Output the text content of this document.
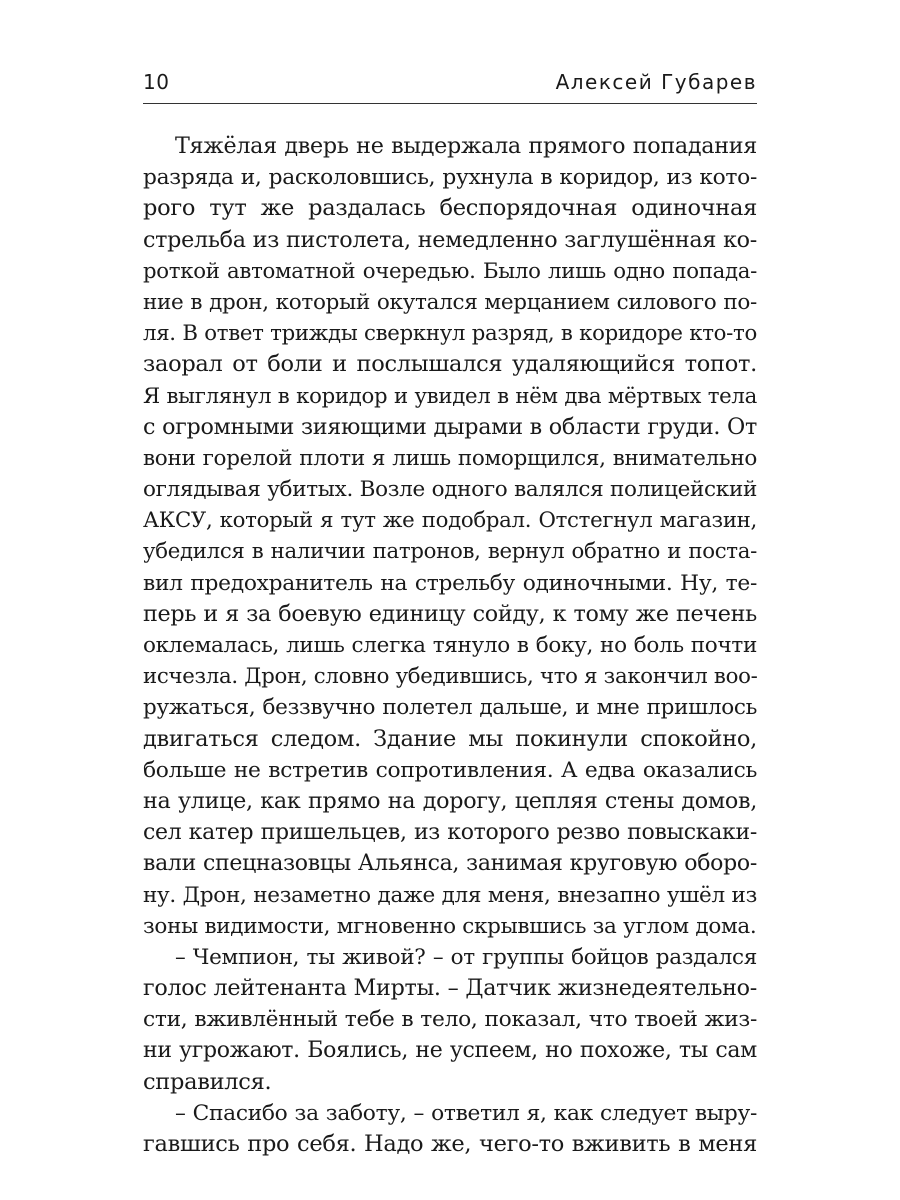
10	Алексей Губарев
Тяжёлая дверь не выдержала прямого попадания
разряда и, расколовшись, рухнула в коридор, из кото-
рого тут же раздалась беспорядочная одиночная
стрельба из пистолета, немедленно заглушённая ко-
роткой автоматной очередью. Было лишь одно попада-
ние в дрон, который окутался мерцанием силового по-
ля. В ответ трижды сверкнул разряд, в коридоре кто-то
заорал от боли и послышался удаляющийся топот.
Я выглянул в коридор и увидел в нём два мёртвых тела
с огромными зияющими дырами в области груди. От
вони горелой плоти я лишь поморщился, внимательно
оглядывая убитых. Возле одного валялся полицейский
АКСУ, который я тут же подобрал. Отстегнул магазин,
убедился в наличии патронов, вернул обратно и поста-
вил предохранитель на стрельбу одиночными. Ну, те-
перь и я за боевую единицу сойду, к тому же печень
оклемалась, лишь слегка тянуло в боку, но боль почти
исчезла. Дрон, словно убедившись, что я закончил воо-
ружаться, беззвучно полетел дальше, и мне пришлось
двигаться следом. Здание мы покинули спокойно,
больше не встретив сопротивления. А едва оказались
на улице, как прямо на дорогу, цепляя стены домов,
сел катер пришельцев, из которого резво повыскаки-
вали спецназовцы Альянса, занимая круговую оборо-
ну. Дрон, незаметно даже для меня, внезапно ушёл из
зоны видимости, мгновенно скрывшись за углом дома.
– Чемпион, ты живой? – от группы бойцов раздался
голос лейтенанта Мирты. – Датчик жизнедеятельно-
сти, вживлённый тебе в тело, показал, что твоей жиз-
ни угрожают. Боялись, не успеем, но похоже, ты сам
справился.
– Спасибо за заботу, – ответил я, как следует выру-
гавшись про себя. Надо же, чего-то вживить в меня
